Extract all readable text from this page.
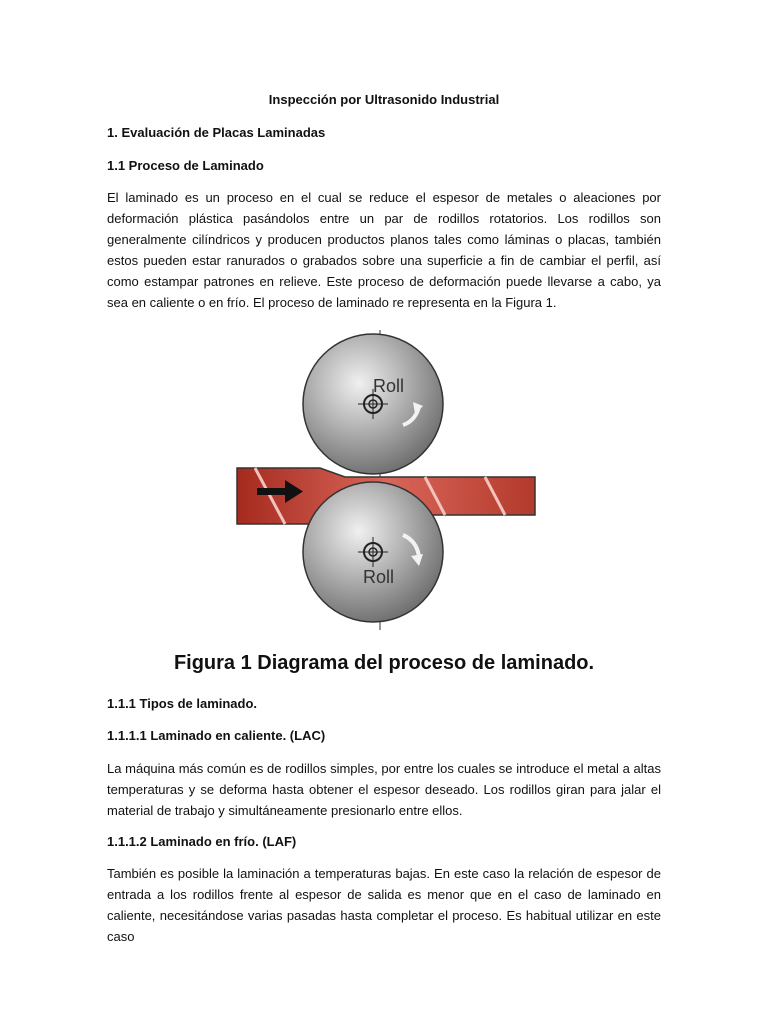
Inspección por Ultrasonido Industrial
1. Evaluación de Placas Laminadas
1.1 Proceso de Laminado

El laminado es un proceso en el cual se reduce el espesor de metales o aleaciones por deformación plástica pasándolos entre un par de rodillos rotatorios. Los rodillos son generalmente cilíndricos y producen productos planos tales como láminas o placas, también estos pueden estar ranurados o grabados sobre una superficie a fin de cambiar el perfil, así como estampar patrones en relieve. Este proceso de deformación puede llevarse a cabo, ya sea en caliente o en frío. El proceso de laminado re representa en la Figura 1.

Roll
Roll
Figura 1 Diagrama del proceso de laminado.
1.1.1 Tipos de laminado.
1.1.1.1 Laminado en caliente. (LAC)

La máquina más común es de rodillos simples, por entre los cuales se introduce el metal a altas temperaturas y se deforma hasta obtener el espesor deseado. Los rodillos giran para jalar el material de trabajo y simultáneamente presionarlo entre ellos.

1.1.1.2 Laminado en frío. (LAF)

También es posible la laminación a temperaturas bajas. En este caso la relación de espesor de entrada a los rodillos frente al espesor de salida es menor que en el caso de laminado en caliente, necesitándose varias pasadas hasta completar el proceso. Es habitual utilizar en este caso
